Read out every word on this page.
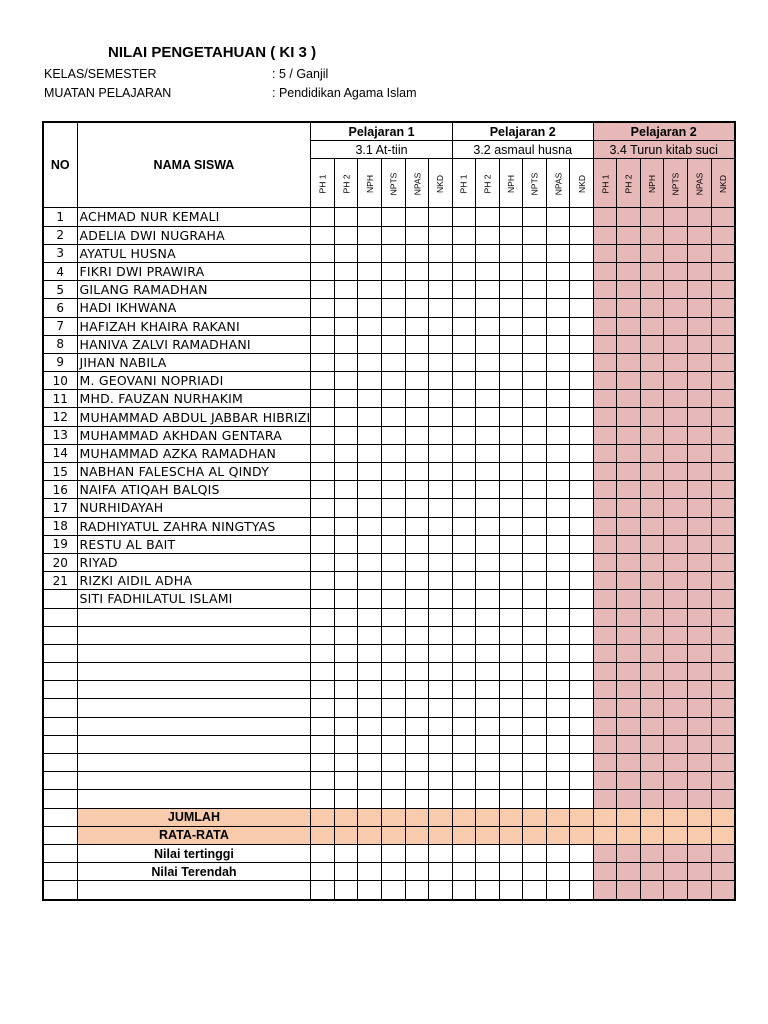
NILAI PENGETAHUAN ( KI 3 )
KELAS/SEMESTER	: 5 / Ganjil
MUATAN PELAJARAN	: Pendidikan Agama Islam
NO	NAMA SISWA	Pelajaran 1						Pelajaran 2						Pelajaran 2					
		3.1 At-tiin						3.2 asmaul husna						3.4 Turun kitab suci					
		PH 1	PH 2	NPH	NPTS	NPAS	NKD	PH 1	PH 2	NPH	NPTS	NPAS	NKD	PH 1	PH 2	NPH	NPTS	NPAS	NKD
1	ACHMAD NUR KEMALI																		
2	ADELIA DWI NUGRAHA																		
3	AYATUL HUSNA																		
4	FIKRI DWI PRAWIRA																		
5	GILANG RAMADHAN																		
6	HADI IKHWANA																		
7	HAFIZAH KHAIRA RAKANI																		
8	HANIVA ZALVI RAMADHANI																		
9	JIHAN NABILA																		
10	M. GEOVANI NOPRIADI																		
11	MHD. FAUZAN NURHAKIM																		
12	MUHAMMAD ABDUL JABBAR HIBRIZI																		
13	MUHAMMAD AKHDAN GENTARA																		
14	MUHAMMAD AZKA RAMADHAN																		
15	NABHAN FALESCHA AL QINDY																		
16	NAIFA ATIQAH BALQIS																		
17	NURHIDAYAH																		
18	RADHIYATUL ZAHRA NINGTYAS																		
19	RESTU AL BAIT																		
20	RIYAD																		
21	RIZKI AIDIL ADHA																		
	SITI FADHILATUL ISLAMI																		

	JUMLAH																		
	RATA-RATA																		
	Nilai tertinggi																		
	Nilai Terendah																		
